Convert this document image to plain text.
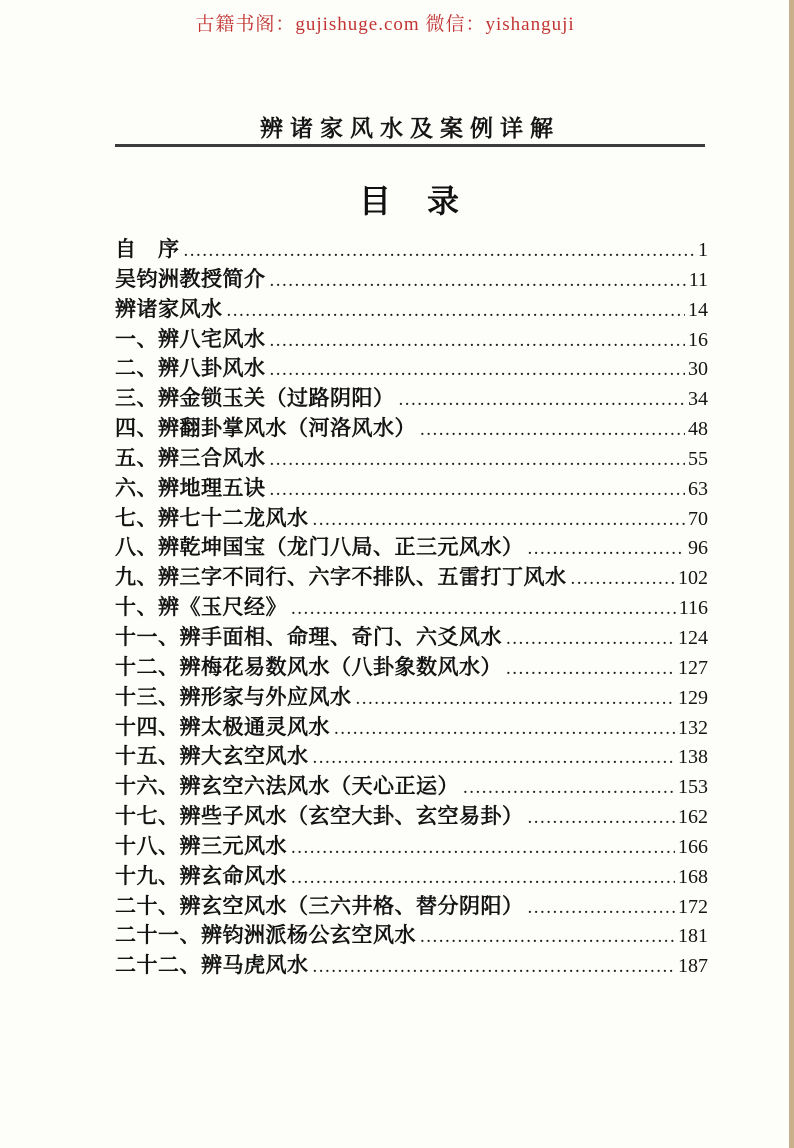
古籍书阁：gujishuge.com 微信：yishanguji
辨诸家风水及案例详解
目　录
自　序 .....	1
吴钧洲教授简介 .....	11
辨诸家风水 .....	14
一、辨八宅风水 .....	16
二、辨八卦风水 .....	30
三、辨金锁玉关（过路阴阳） .....	34
四、辨翻卦掌风水（河洛风水） .....	48
五、辨三合风水 .....	55
六、辨地理五诀 .....	63
七、辨七十二龙风水 .....	70
八、辨乾坤国宝（龙门八局、正三元风水） .....	96
九、辨三字不同行、六字不排队、五雷打丁风水 .....	102
十、辨《玉尺经》 .....	116
十一、辨手面相、命理、奇门、六爻风水 .....	124
十二、辨梅花易数风水（八卦象数风水） .....	127
十三、辨形家与外应风水 .....	129
十四、辨太极通灵风水 .....	132
十五、辨大玄空风水 .....	138
十六、辨玄空六法风水（天心正运） .....	153
十七、辨些子风水（玄空大卦、玄空易卦） .....	162
十八、辨三元风水 .....	166
十九、辨玄命风水 .....	168
二十、辨玄空风水（三六井格、替分阴阳） .....	172
二十一、辨钧洲派杨公玄空风水 .....	181
二十二、辨马虎风水 .....	187
